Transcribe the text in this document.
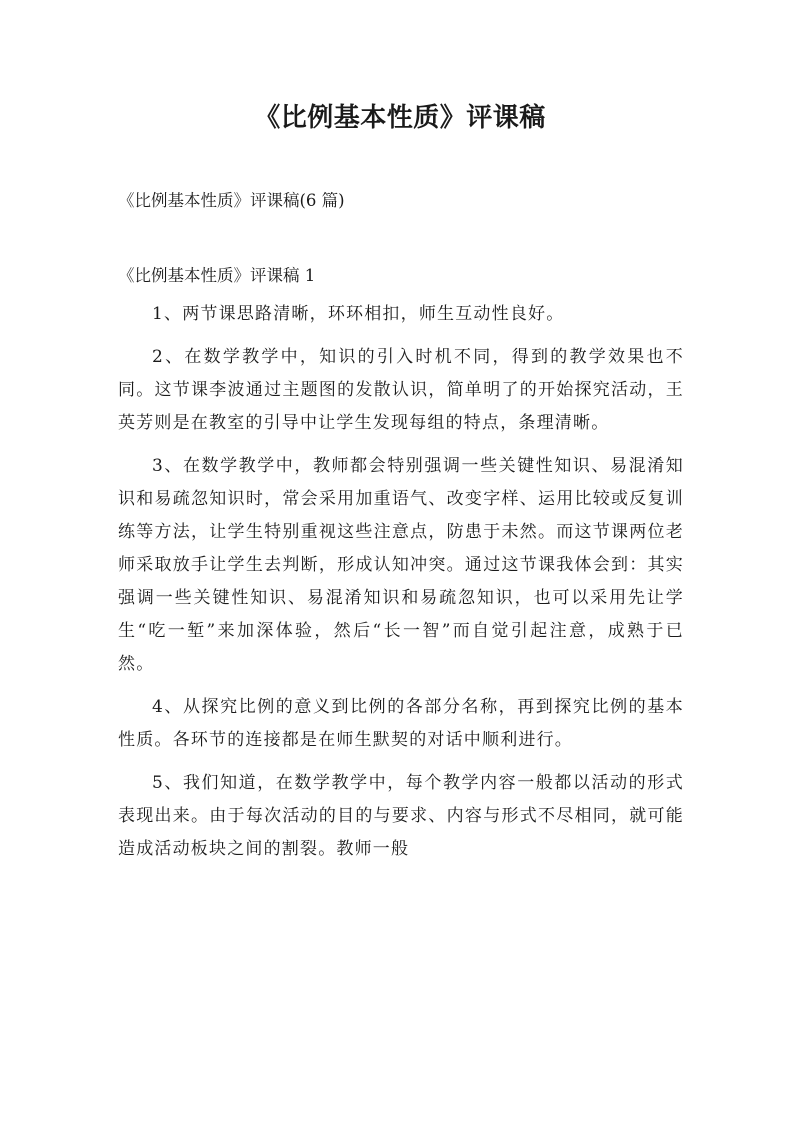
《比例基本性质》评课稿

《比例基本性质》评课稿(6 篇)

《比例基本性质》评课稿 1

1、两节课思路清晰，环环相扣，师生互动性良好。

2、在数学教学中，知识的引入时机不同，得到的教学效果也不同。这节课李波通过主题图的发散认识，简单明了的开始探究活动，王英芳则是在教室的引导中让学生发现每组的特点，条理清晰。

3、在数学教学中，教师都会特别强调一些关键性知识、易混淆知识和易疏忽知识时，常会采用加重语气、改变字样、运用比较或反复训练等方法，让学生特别重视这些注意点，防患于未然。而这节课两位老师采取放手让学生去判断，形成认知冲突。通过这节课我体会到：其实强调一些关键性知识、易混淆知识和易疏忽知识，也可以采用先让学生“吃一堑”来加深体验，然后“长一智”而自觉引起注意，成熟于已然。

4、从探究比例的意义到比例的各部分名称，再到探究比例的基本性质。各环节的连接都是在师生默契的对话中顺利进行。

5、我们知道，在数学教学中，每个教学内容一般都以活动的形式表现出来。由于每次活动的目的与要求、内容与形式不尽相同，就可能造成活动板块之间的割裂。教师一般
